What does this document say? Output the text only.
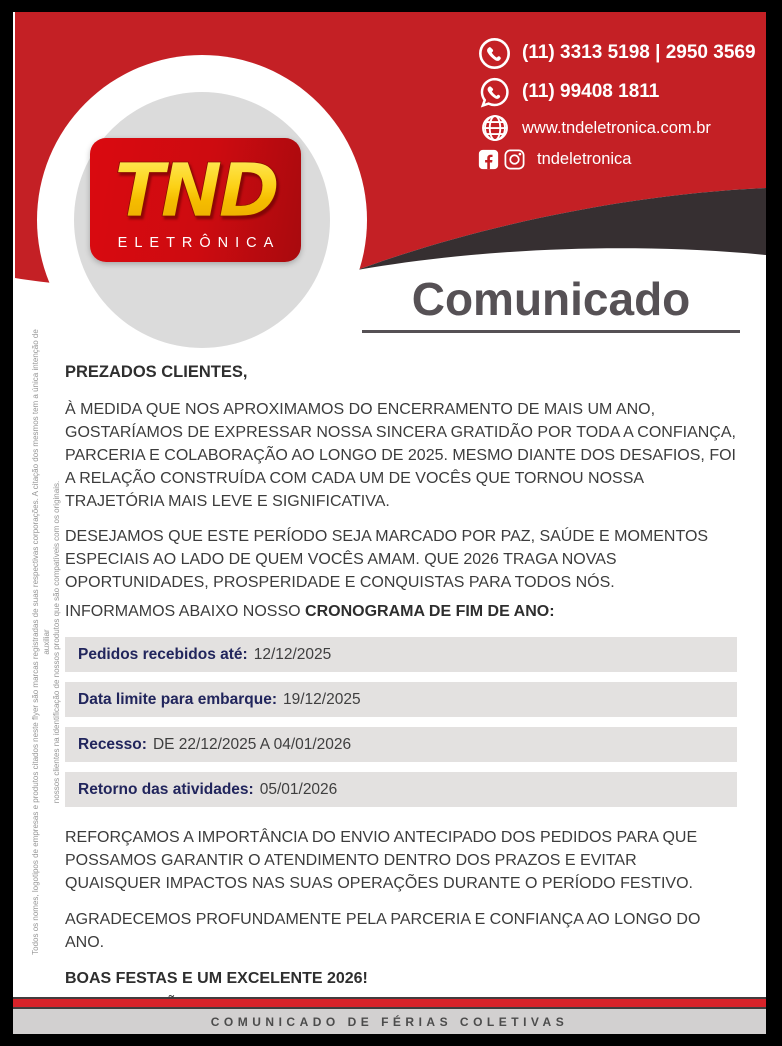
(11) 3313 5198 | 2950 3569
(11) 99408 1811
www.tndeletronica.com.br
tndeletronica
TND
ELETRÔNICA
Comunicado

PREZADOS CLIENTES,

À MEDIDA QUE NOS APROXIMAMOS DO ENCERRAMENTO DE MAIS UM ANO, GOSTARÍAMOS DE EXPRESSAR NOSSA SINCERA GRATIDÃO POR TODA A CONFIANÇA, PARCERIA E COLABORAÇÃO AO LONGO DE 2025. MESMO DIANTE DOS DESAFIOS, FOI A RELAÇÃO CONSTRUÍDA COM CADA UM DE VOCÊS QUE TORNOU NOSSA TRAJETÓRIA MAIS LEVE E SIGNIFICATIVA.

DESEJAMOS QUE ESTE PERÍODO SEJA MARCADO POR PAZ, SAÚDE E MOMENTOS ESPECIAIS AO LADO DE QUEM VOCÊS AMAM. QUE 2026 TRAGA NOVAS OPORTUNIDADES, PROSPERIDADE E CONQUISTAS PARA TODOS NÓS.

INFORMAMOS ABAIXO NOSSO CRONOGRAMA DE FIM DE ANO:

Pedidos recebidos até: 12/12/2025
Data limite para embarque: 19/12/2025
Recesso: DE 22/12/2025 A 04/01/2026
Retorno das atividades: 05/01/2026

REFORÇAMOS A IMPORTÂNCIA DO ENVIO ANTECIPADO DOS PEDIDOS PARA QUE POSSAMOS GARANTIR O ATENDIMENTO DENTRO DOS PRAZOS E EVITAR QUAISQUER IMPACTOS NAS SUAS OPERAÇÕES DURANTE O PERÍODO FESTIVO.

AGRADECEMOS PROFUNDAMENTE PELA PARCERIA E CONFIANÇA AO LONGO DO ANO.

BOAS FESTAS E UM EXCELENTE 2026!

Todos os nomes, logotipos de empresas e produtos citados neste flyer são marcas registradas de suas respectivas corporações. A citação dos mesmos tem a única intenção de auxiliar nossos clientes na identificação de nossos produtos que são compatíveis com os originais.
COMUNICADO DE FÉRIAS COLETIVAS
